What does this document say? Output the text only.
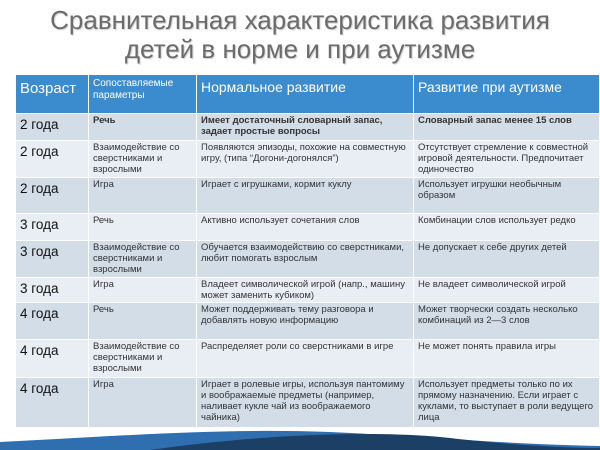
Сравнительная характеристика развития
детей в норме и при аутизме
Возраст	Сопоставляемые параметры	Нормальное развитие	Развитие при аутизме
2 года	Речь	Имеет достаточный словарный запас, задает простые вопросы	Словарный запас менее 15 слов
2 года	Взаимодействие со сверстниками и взрослыми	Появляются эпизоды, похожие на совместную игру, (типа “Догони-догонялся”)	Отсутствует стремление к совместной игровой деятельности. Предпочитает одиночество
2 года	Игра	Играет с игрушками, кормит куклу	Использует игрушки необычным образом
3 года	Речь	Активно использует сочетания слов	Комбинации слов использует редко
3 года	Взаимодействие со сверстниками и взрослыми	Обучается взаимодействию со сверстниками, любит помогать взрослым	Не допускает к себе других детей
3 года	Игра	Владеет символической игрой (напр., машину может заменить кубиком)	Не владеет символической игрой
4 года	Речь	Может поддерживать тему разговора и добавлять новую информацию	Может творчески создать несколько комбинаций из 2—3 слов
4 года	Взаимодействие со сверстниками и взрослыми	Распределяет роли со сверстниками в игре	Не может понять правила игры
4 года	Игра	Играет в ролевые игры, используя пантомиму и воображаемые предметы (например, наливает кукле чай из воображаемого чайника)	Использует предметы только по их прямому назначению. Если играет с куклами, то выступает в роли ведущего лица
